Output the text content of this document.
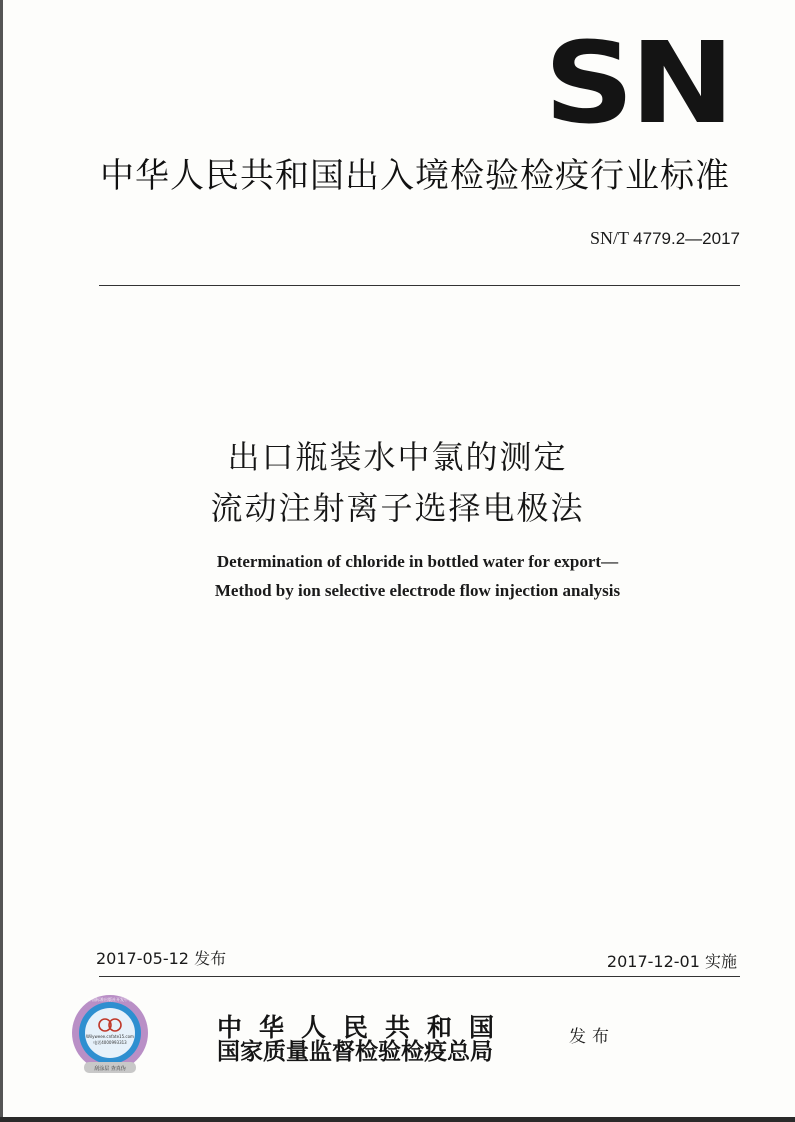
SN
中华人民共和国出入境检验检疫行业标准
SN/T 4779.2—2017
出口瓶装水中氯的测定
流动注射离子选择电极法
Determination of chloride in bottled water for export—
Method by ion selective electrode flow injection analysis
2017-05-12 发布	2017-12-01 实施
Wilyweee.cnfate15.com
电话4000993313
中国标准出版社开发中心
刮涂层 查真伪
中华人民共和国
国家质量监督检验检疫总局
发布
